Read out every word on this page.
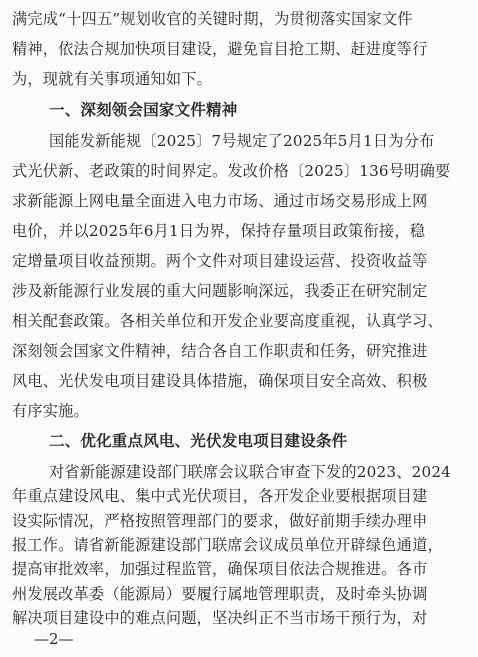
满完成“十四五”规划收官的关键时期，为贯彻落实国家文件
精神，依法合规加快项目建设，避免盲目抢工期、赶进度等行
为，现就有关事项通知如下。
一、深刻领会国家文件精神
国能发新能规〔2025〕7号规定了2025年5月1日为分布
式光伏新、老政策的时间界定。发改价格〔2025〕136号明确要
求新能源上网电量全面进入电力市场、通过市场交易形成上网
电价，并以2025年6月1日为界，保持存量项目政策衔接，稳
定增量项目收益预期。两个文件对项目建设运营、投资收益等
涉及新能源行业发展的重大问题影响深远，我委正在研究制定
相关配套政策。各相关单位和开发企业要高度重视，认真学习、
深刻领会国家文件精神，结合各自工作职责和任务，研究推进
风电、光伏发电项目建设具体措施，确保项目安全高效、积极
有序实施。
二、优化重点风电、光伏发电项目建设条件
对省新能源建设部门联席会议联合审查下发的2023、2024
年重点建设风电、集中式光伏项目，各开发企业要根据项目建
设实际情况，严格按照管理部门的要求，做好前期手续办理申
报工作。请省新能源建设部门联席会议成员单位开辟绿色通道，
提高审批效率，加强过程监管，确保项目依法合规推进。各市
州发展改革委（能源局）要履行属地管理职责，及时牵头协调
—2—
解决项目建设中的难点问题，坚决纠正不当市场干预行为，对
